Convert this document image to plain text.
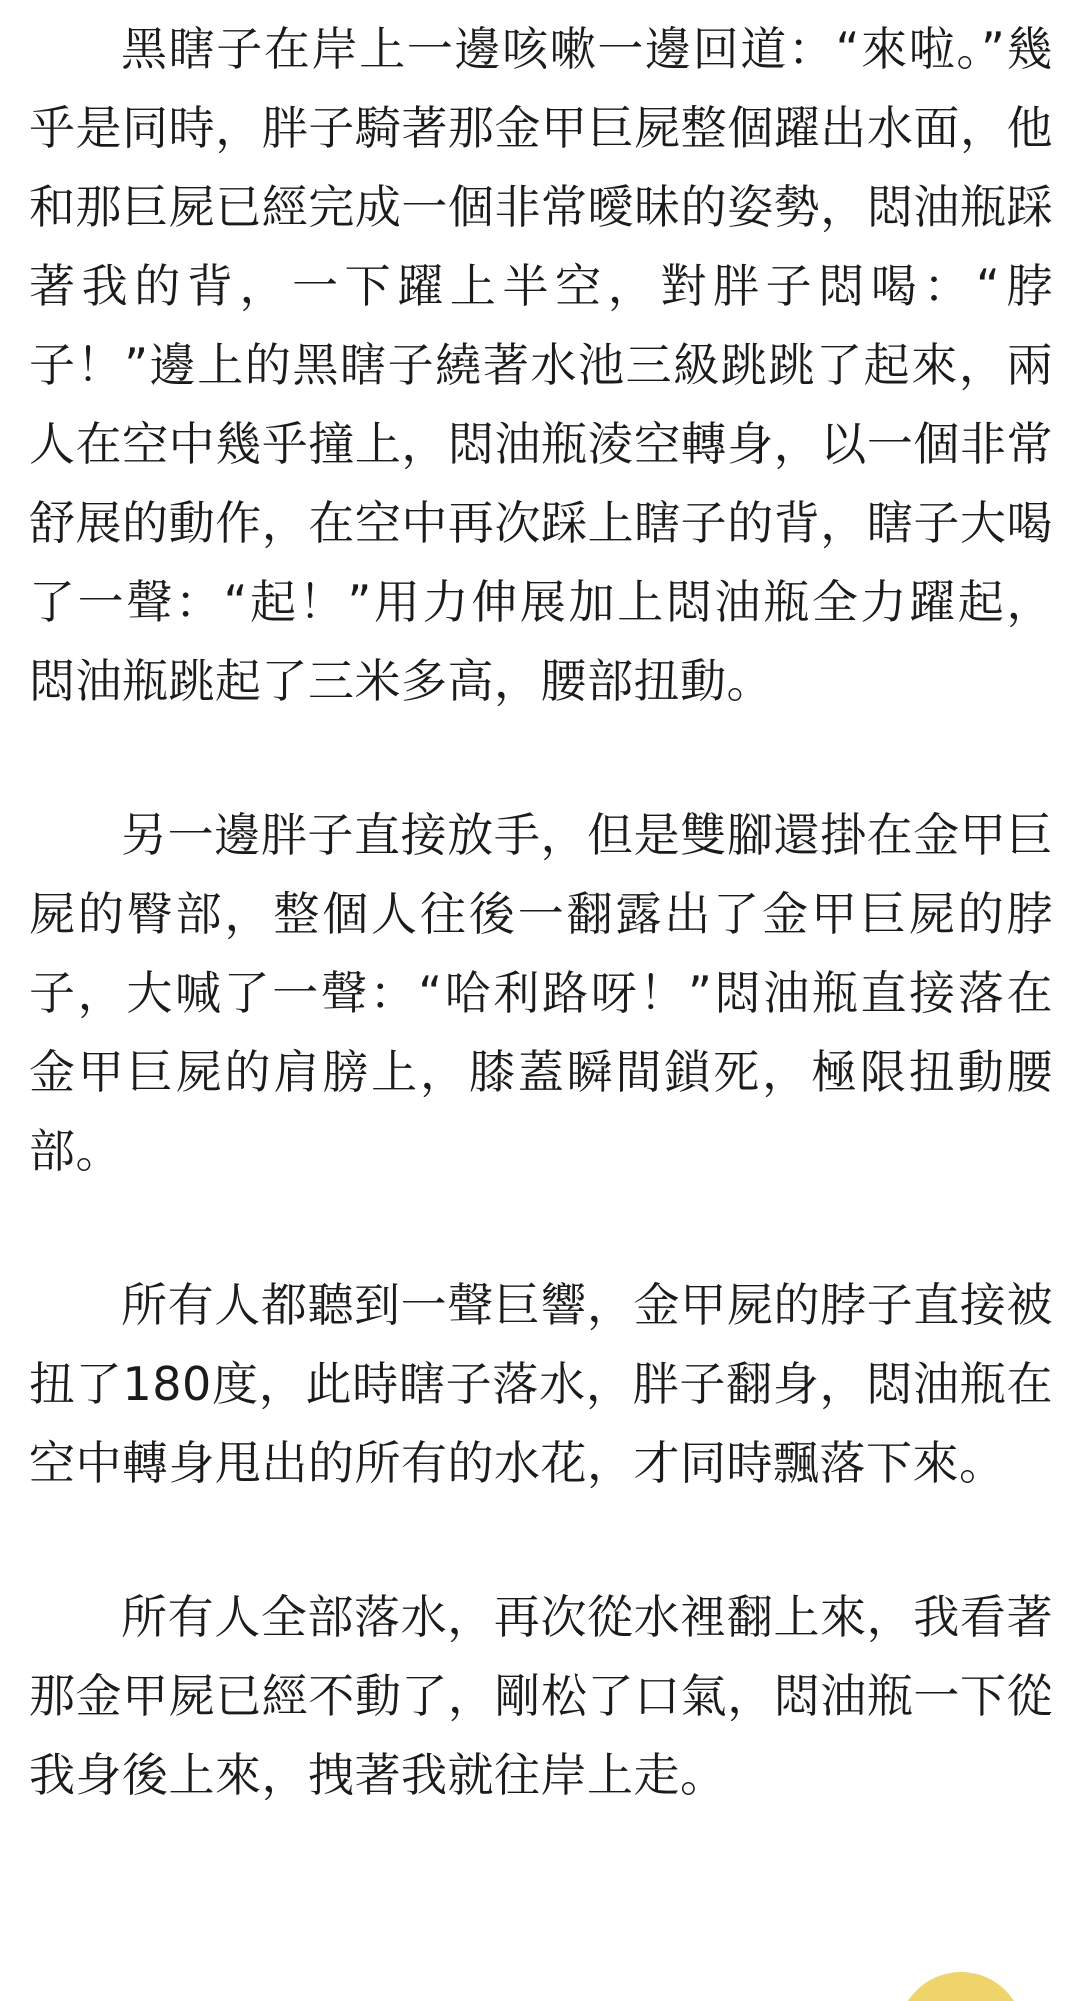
黑瞎子在岸上一邊咳嗽一邊回道：“來啦。”幾乎是同時，胖子騎著那金甲巨屍整個躍出水面，他和那巨屍已經完成一個非常曖昧的姿勢，悶油瓶踩著我的背，一下躍上半空，對胖子悶喝：“脖子！”邊上的黑瞎子繞著水池三級跳跳了起來，兩人在空中幾乎撞上，悶油瓶淩空轉身，以一個非常舒展的動作，在空中再次踩上瞎子的背，瞎子大喝了一聲：“起！”用力伸展加上悶油瓶全力躍起，悶油瓶跳起了三米多高，腰部扭動。

另一邊胖子直接放手，但是雙腳還掛在金甲巨屍的臀部，整個人往後一翻露出了金甲巨屍的脖子，大喊了一聲：“哈利路呀！”悶油瓶直接落在金甲巨屍的肩膀上，膝蓋瞬間鎖死，極限扭動腰部。

所有人都聽到一聲巨響，金甲屍的脖子直接被扭了180度，此時瞎子落水，胖子翻身，悶油瓶在空中轉身甩出的所有的水花，才同時飄落下來。

所有人全部落水，再次從水裡翻上來，我看著那金甲屍已經不動了，剛松了口氣，悶油瓶一下從我身後上來，拽著我就往岸上走。
